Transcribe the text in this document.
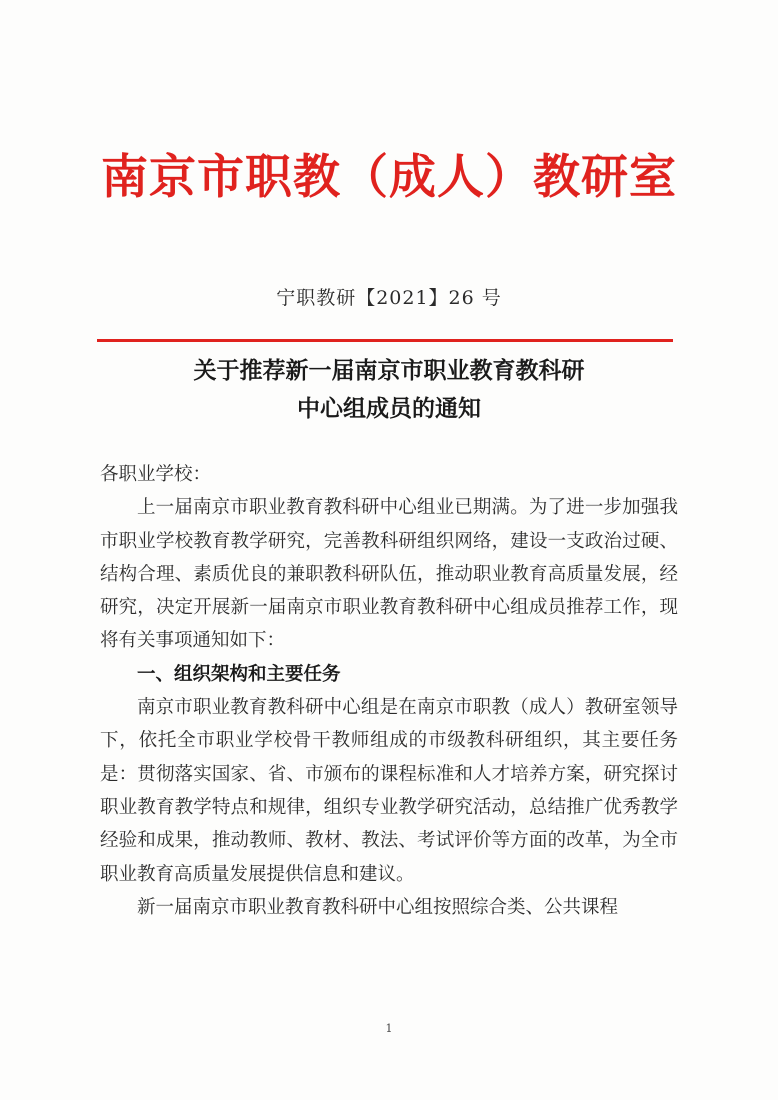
南京市职教（成人）教研室
宁职教研【2021】26 号
关于推荐新一届南京市职业教育教科研
中心组成员的通知

各职业学校：

上一届南京市职业教育教科研中心组业已期满。为了进一步加强我市职业学校教育教学研究，完善教科研组织网络，建设一支政治过硬、结构合理、素质优良的兼职教科研队伍，推动职业教育高质量发展，经研究，决定开展新一届南京市职业教育教科研中心组成员推荐工作，现将有关事项通知如下：

一、组织架构和主要任务

南京市职业教育教科研中心组是在南京市职教（成人）教研室领导下，依托全市职业学校骨干教师组成的市级教科研组织，其主要任务是：贯彻落实国家、省、市颁布的课程标准和人才培养方案，研究探讨职业教育教学特点和规律，组织专业教学研究活动，总结推广优秀教学经验和成果，推动教师、教材、教法、考试评价等方面的改革，为全市职业教育高质量发展提供信息和建议。

新一届南京市职业教育教科研中心组按照综合类、公共课程

1
